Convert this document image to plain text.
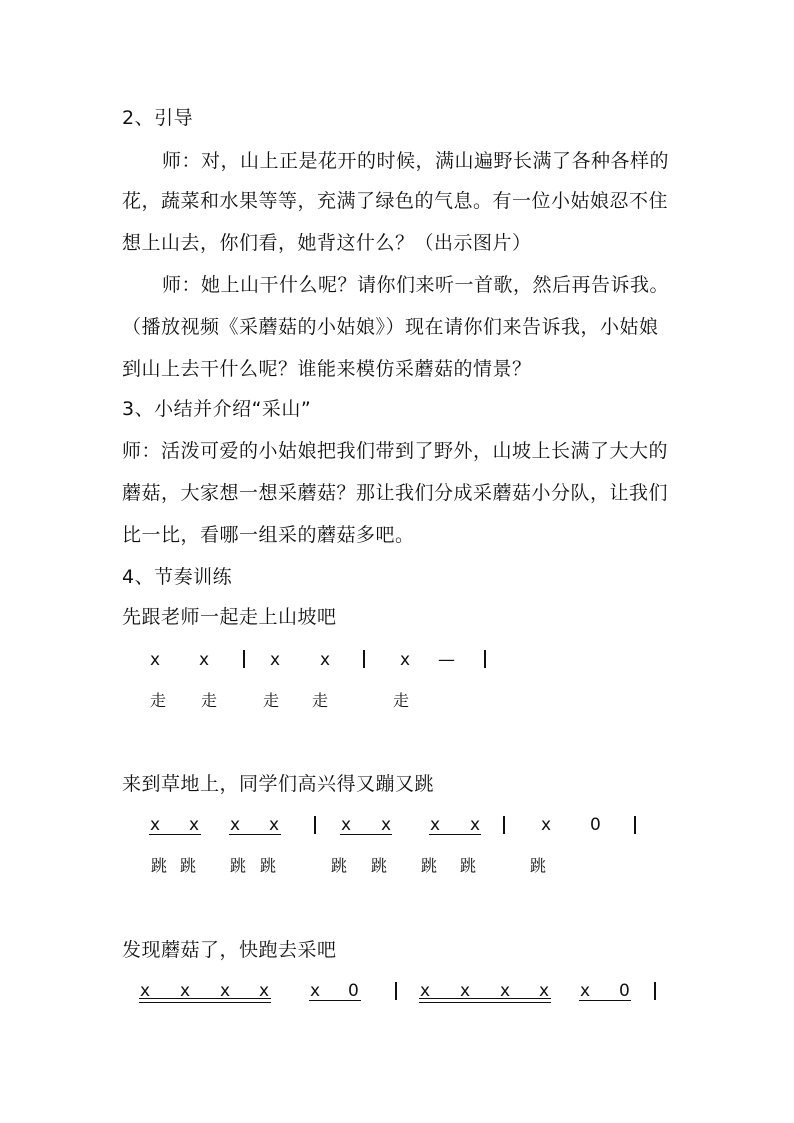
2、引导
师：对，山上正是花开的时候，满山遍野长满了各种各样的
花，蔬菜和水果等等，充满了绿色的气息。有一位小姑娘忍不住
想上山去，你们看，她背这什么？（出示图片）
师：她上山干什么呢？请你们来听一首歌，然后再告诉我。
（播放视频《采蘑菇的小姑娘》）现在请你们来告诉我，小姑娘
到山上去干什么呢？谁能来模仿采蘑菇的情景？
3、小结并介绍“采山”
师：活泼可爱的小姑娘把我们带到了野外，山坡上长满了大大的
蘑菇，大家想一想采蘑菇？那让我们分成采蘑菇小分队，让我们
比一比，看哪一组采的蘑菇多吧。
4、节奏训练
先跟老师一起走上山坡吧
x x	x x	x —
走 走	走 走	走
来到草地上，同学们高兴得又蹦又跳
x x x x	x x x x	x 0
跳 跳 跳 跳	跳 跳 跳 跳	跳
发现蘑菇了，快跑去采吧
x x x x x 0	x x x x x 0
